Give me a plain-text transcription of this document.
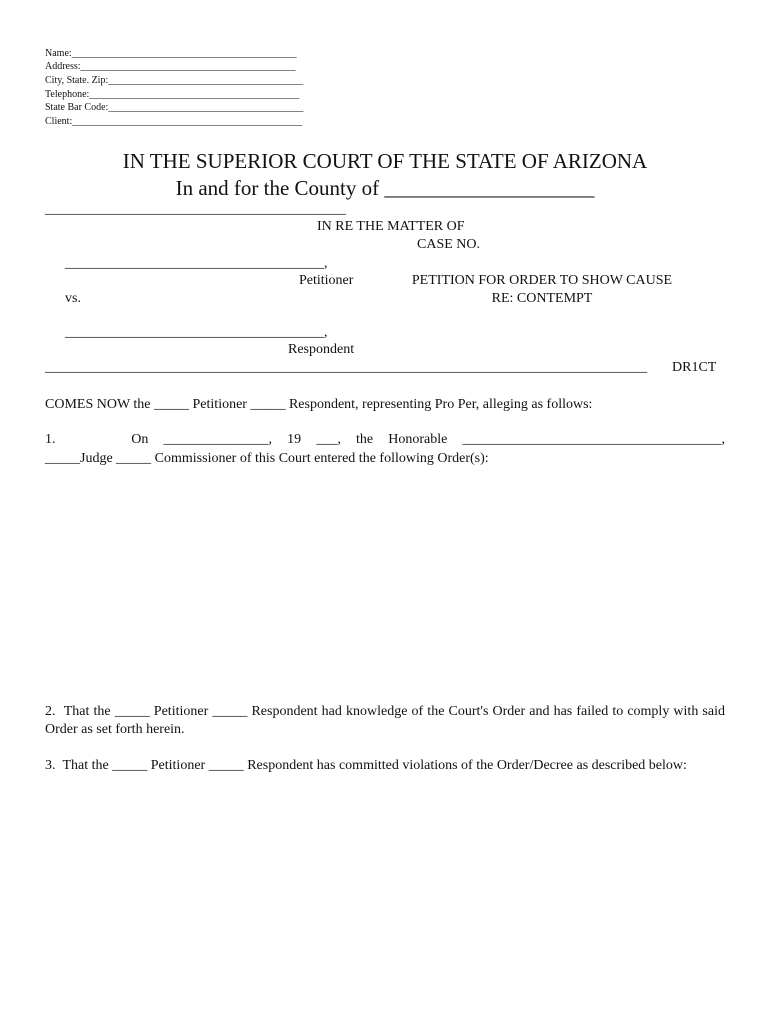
Name:_____________________________________________
Address:___________________________________________
City, State. Zip:_______________________________________
Telephone:__________________________________________
State Bar Code:_______________________________________
Client:______________________________________________
IN THE SUPERIOR COURT OF THE STATE OF ARIZONA
In and for the County of ____________________
___________________________________________
IN RE THE MATTER OF
CASE NO.
_____________________________________,
Petitioner
vs.
PETITION FOR ORDER TO SHOW CAUSE
RE: CONTEMPT
_____________________________________,
Respondent
______________________________________________________________________________________	DR1CT
COMES NOW the _____ Petitioner _____ Respondent, representing Pro Per, alleging as follows:
1.     On _______________, 19 ___, the Honorable _____________________________________,
_____Judge _____ Commissioner of this Court entered the following Order(s):
2.  That the _____ Petitioner _____ Respondent had knowledge of the Court's Order and has failed to comply with said Order as set forth herein.
3.  That the _____ Petitioner _____ Respondent has committed violations of the Order/Decree as described below:
